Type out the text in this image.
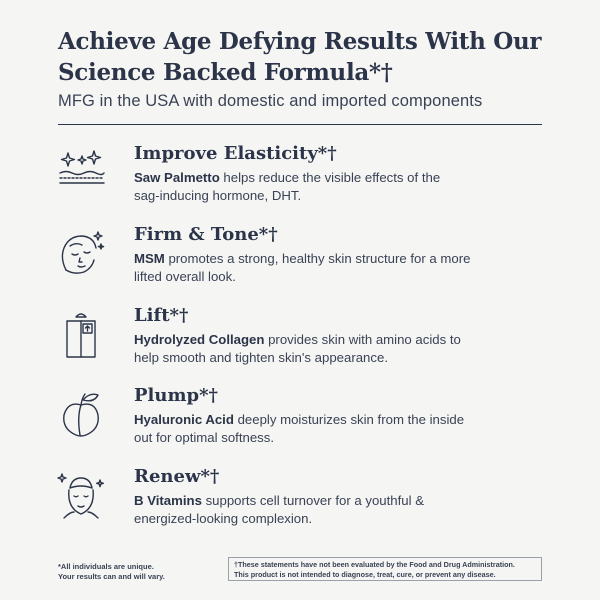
Achieve Age Defying Results With Our
Science Backed Formula*†
MFG in the USA with domestic and imported components
Improve Elasticity*†
Saw Palmetto helps reduce the visible effects of the
sag-inducing hormone, DHT.
Firm & Tone*†
MSM promotes a strong, healthy skin structure for a more
lifted overall look.
Lift*†
Hydrolyzed Collagen provides skin with amino acids to
help smooth and tighten skin's appearance.
Plump*†
Hyaluronic Acid deeply moisturizes skin from the inside
out for optimal softness.
Renew*†
B Vitamins supports cell turnover for a youthful &
energized-looking complexion.
*All individuals are unique.
Your results can and will vary.
†These statements have not been evaluated by the Food and Drug Administration.
This product is not intended to diagnose, treat, cure, or prevent any disease.
